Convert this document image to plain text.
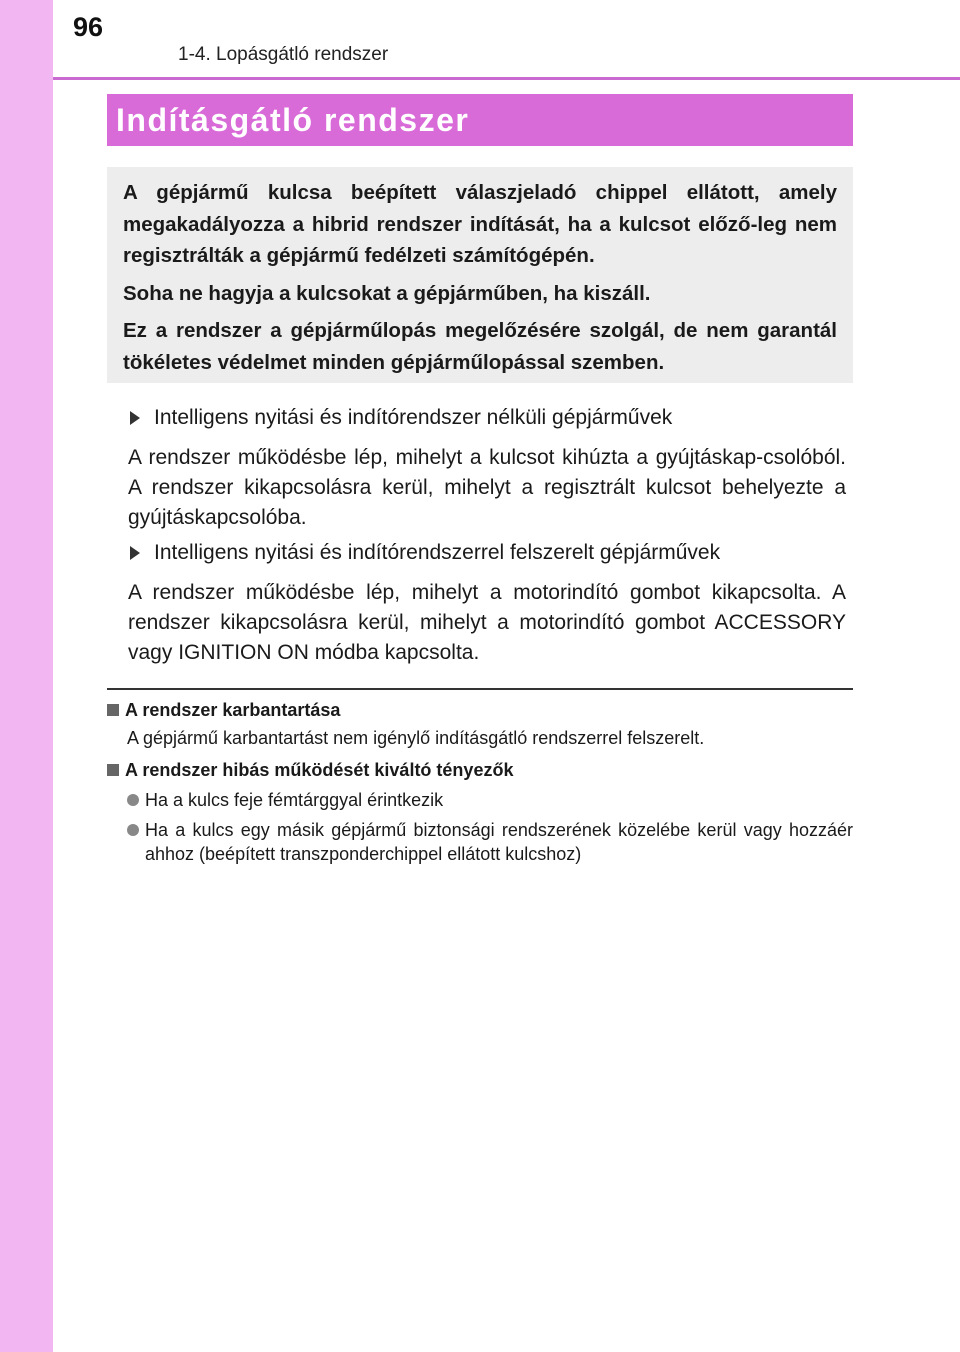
96
1-4. Lopásgátló rendszer
Indításgátló rendszer

A gépjármű kulcsa beépített válaszjeladó chippel ellátott, amely megakadályozza a hibrid rendszer indítását, ha a kulcsot előző-leg nem regisztrálták a gépjármű fedélzeti számítógépén.

Soha ne hagyja a kulcsokat a gépjárműben, ha kiszáll.

Ez a rendszer a gépjárműlopás megelőzésére szolgál, de nem garantál tökéletes védelmet minden gépjárműlopással szemben.

Intelligens nyitási és indítórendszer nélküli gépjárművek
A rendszer működésbe lép, mihelyt a kulcsot kihúzta a gyújtáskap-csolóból. A rendszer kikapcsolásra kerül, mihelyt a regisztrált kulcsot behelyezte a gyújtáskapcsolóba.
Intelligens nyitási és indítórendszerrel felszerelt gépjárművek
A rendszer működésbe lép, mihelyt a motorindító gombot kikapcsolta. A rendszer kikapcsolásra kerül, mihelyt a motorindító gombot ACCESSORY vagy IGNITION ON módba kapcsolta.
A rendszer karbantartása
A gépjármű karbantartást nem igénylő indításgátló rendszerrel felszerelt.
A rendszer hibás működését kiváltó tényezők
Ha a kulcs feje fémtárggyal érintkezik
Ha a kulcs egy másik gépjármű biztonsági rendszerének közelébe kerül vagy hozzáér ahhoz (beépített transzponderchippel ellátott kulcshoz)
